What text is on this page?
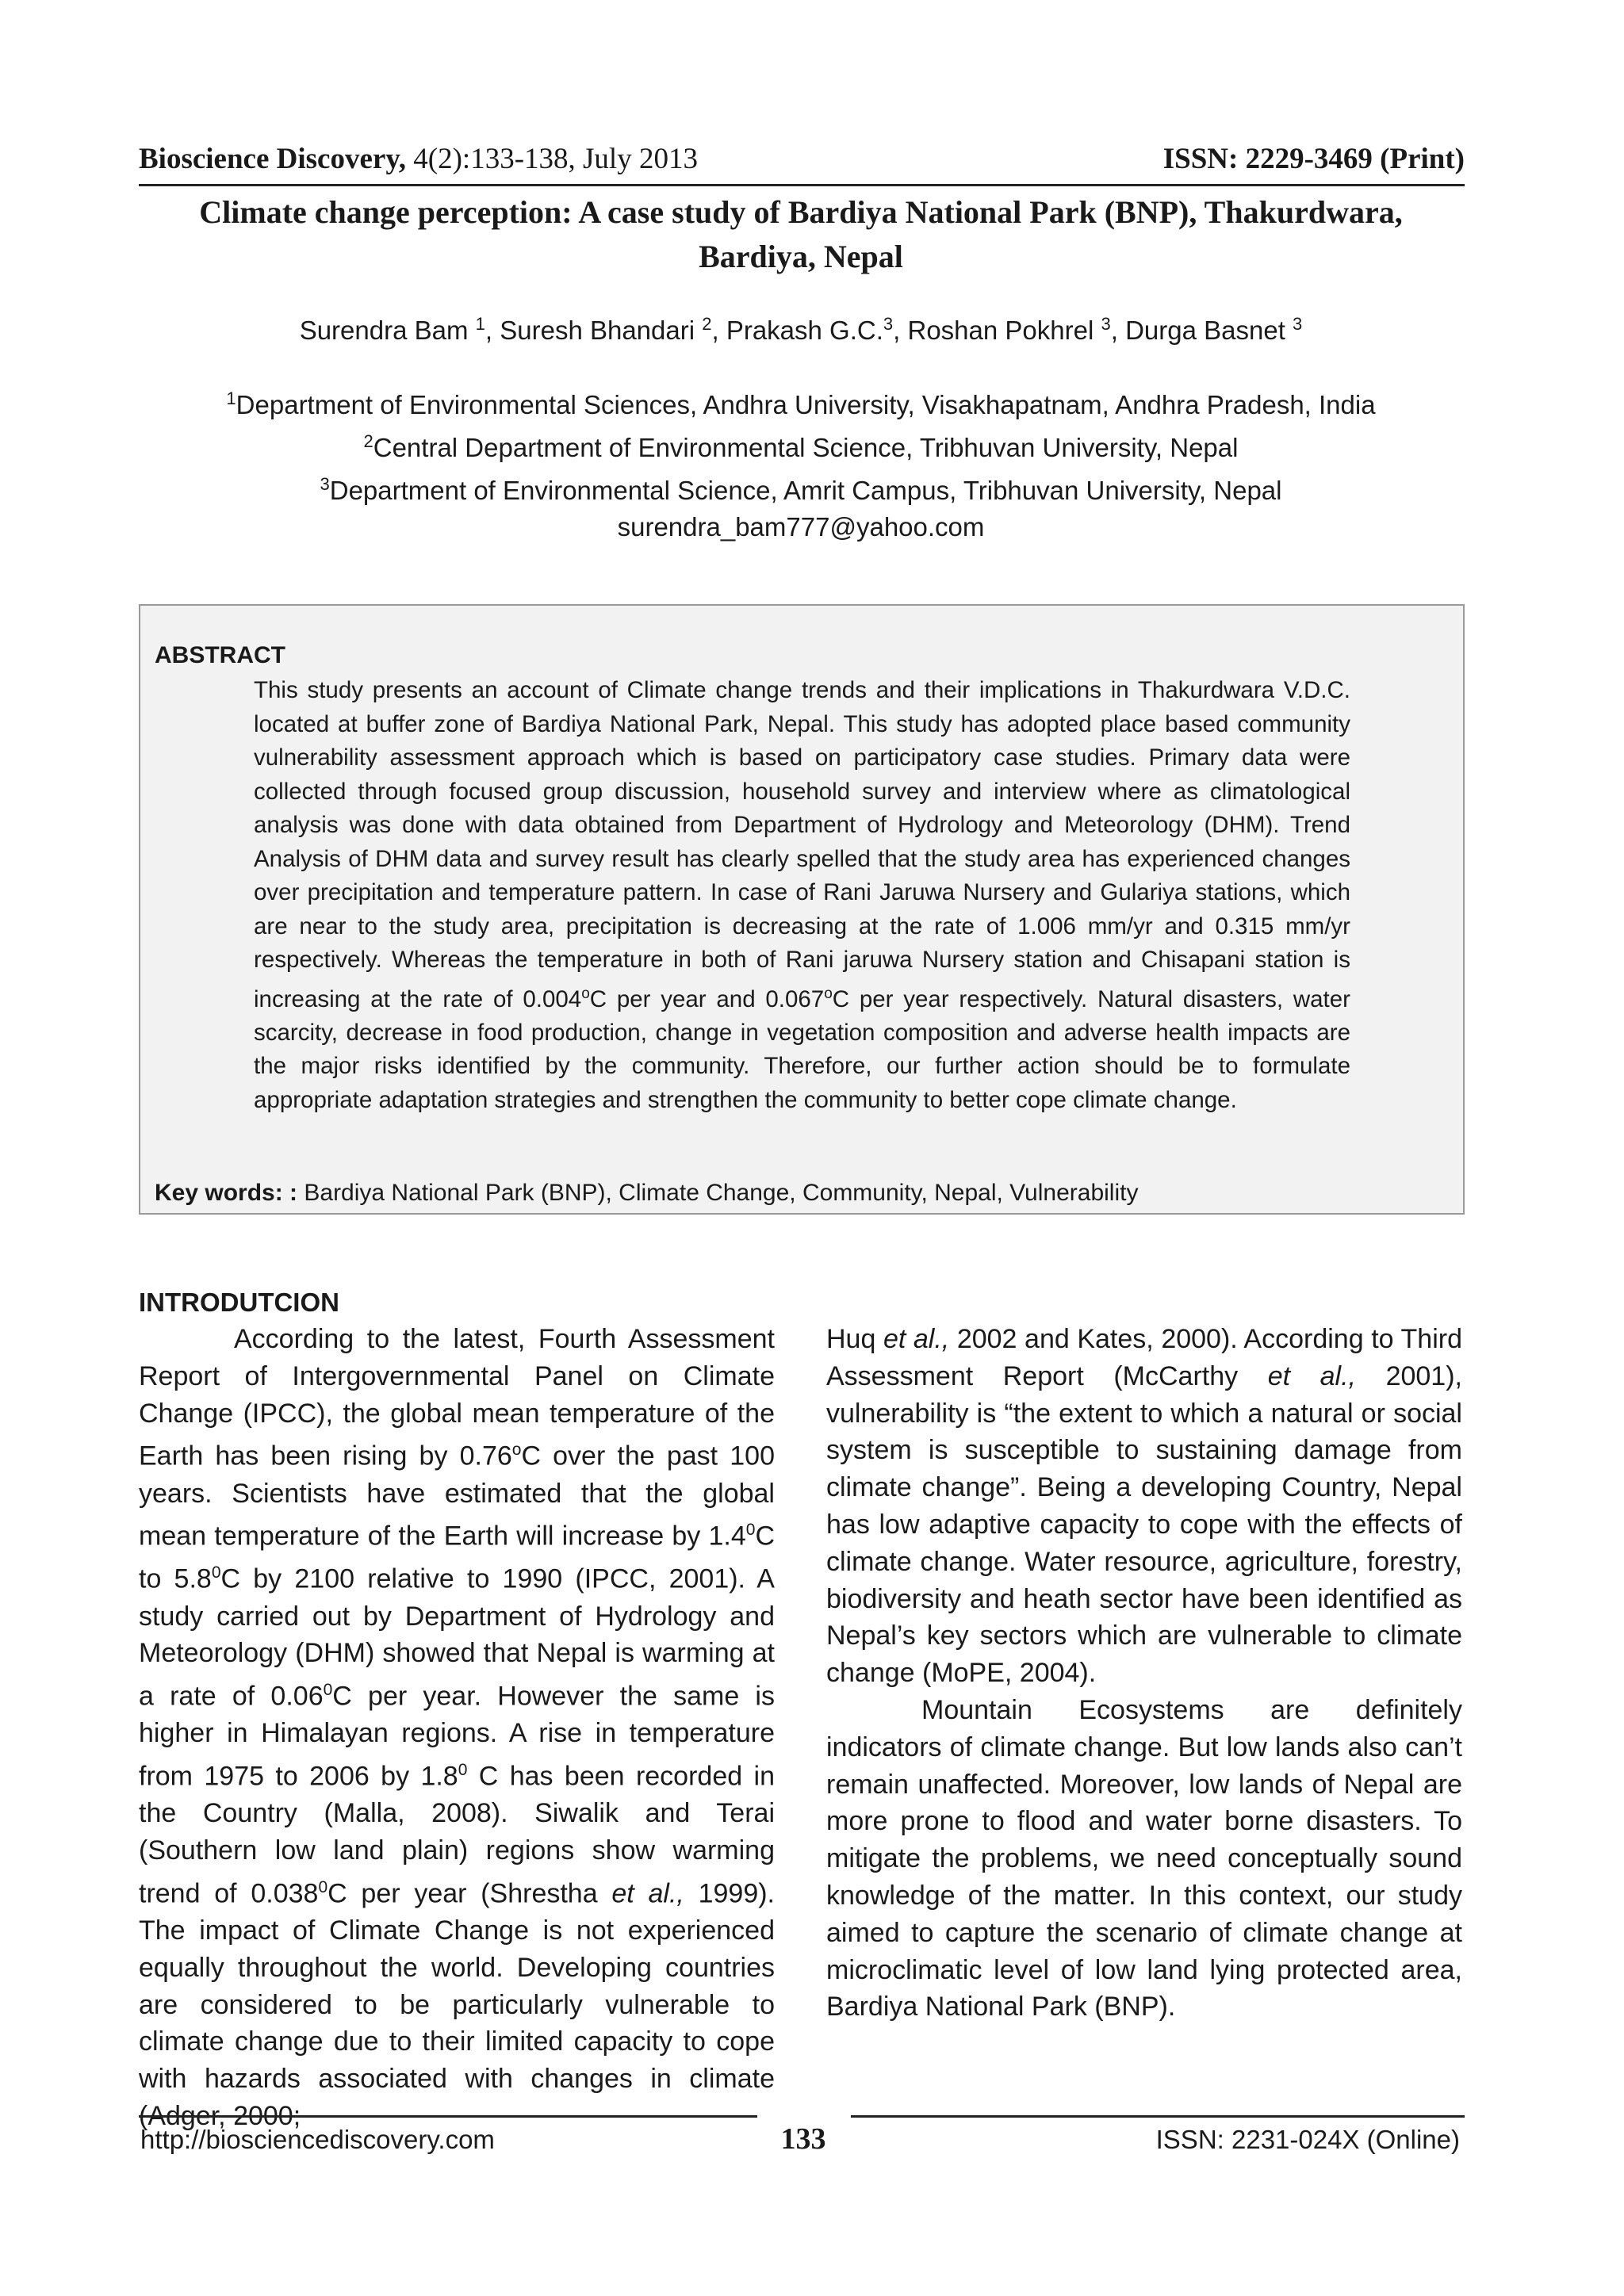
Bioscience Discovery, 4(2):133-138, July 2013	ISSN: 2229-3469 (Print)
Climate change perception: A case study of Bardiya National Park (BNP), Thakurdwara,
Bardiya, Nepal
Surendra Bam $^1$, Suresh Bhandari $^2$, Prakash G.C.$^3$, Roshan Pokhrel $^3$, Durga Basnet $^3$
$^1$Department of Environmental Sciences, Andhra University, Visakhapatnam, Andhra Pradesh, India
$^2$Central Department of Environmental Science, Tribhuvan University, Nepal
$^3$Department of Environmental Science, Amrit Campus, Tribhuvan University, Nepal
surendra_bam777@yahoo.com
ABSTRACT
This study presents an account of Climate change trends and their implications in Thakurdwara V.D.C. located at buffer zone of Bardiya National Park, Nepal. This study has adopted place based community vulnerability assessment approach which is based on participatory case studies. Primary data were collected through focused group discussion, household survey and interview where as climatological analysis was done with data obtained from Department of Hydrology and Meteorology (DHM). Trend Analysis of DHM data and survey result has clearly spelled that the study area has experienced changes over precipitation and temperature pattern. In case of Rani Jaruwa Nursery and Gulariya stations, which are near to the study area, precipitation is decreasing at the rate of 1.006 mm/yr and 0.315 mm/yr respectively. Whereas the temperature in both of Rani jaruwa Nursery station and Chisapani station is increasing at the rate of 0.004$^o$C per year and 0.067$^o$C per year respectively. Natural disasters, water scarcity, decrease in food production, change in vegetation composition and adverse health impacts are the major risks identified by the community. Therefore, our further action should be to formulate appropriate adaptation strategies and strengthen the community to better cope climate change.
Key words: : Bardiya National Park (BNP), Climate Change, Community, Nepal, Vulnerability
INTRODUTCION

According to the latest, Fourth Assessment Report of Intergovernmental Panel on Climate Change (IPCC), the global mean temperature of the Earth has been rising by 0.76$^o$C over the past 100 years. Scientists have estimated that the global mean temperature of the Earth will increase by $1.4^0C$ to $5.8^0C$ by 2100 relative to 1990 (IPCC, 2001). A study carried out by Department of Hydrology and Meteorology (DHM) showed that Nepal is warming at a rate of 0.06$^0$C per year. However the same is higher in Himalayan regions. A rise in temperature from 1975 to 2006 by $1.8^0$ C has been recorded in the Country (Malla, 2008). Siwalik and Terai (Southern low land plain) regions show warming trend of 0.038$^0$C per year (Shrestha et al., 1999). The impact of Climate Change is not experienced equally throughout the world. Developing countries are considered to be particularly vulnerable to climate change due to their limited capacity to cope with hazards associated with changes in climate (Adger, 2000;

Huq et al., 2002 and Kates, 2000). According to Third Assessment Report (McCarthy et al., 2001), vulnerability is “the extent to which a natural or social system is susceptible to sustaining damage from climate change”. Being a developing Country, Nepal has low adaptive capacity to cope with the effects of climate change. Water resource, agriculture, forestry, biodiversity and heath sector have been identified as Nepal’s key sectors which are vulnerable to climate change (MoPE, 2004).

Mountain Ecosystems are definitely indicators of climate change. But low lands also can’t remain unaffected. Moreover, low lands of Nepal are more prone to flood and water borne disasters. To mitigate the problems, we need conceptually sound knowledge of the matter. In this context, our study aimed to capture the scenario of climate change at microclimatic level of low land lying protected area, Bardiya National Park (BNP).

http://biosciencediscovery.com	133	ISSN: 2231-024X (Online)
